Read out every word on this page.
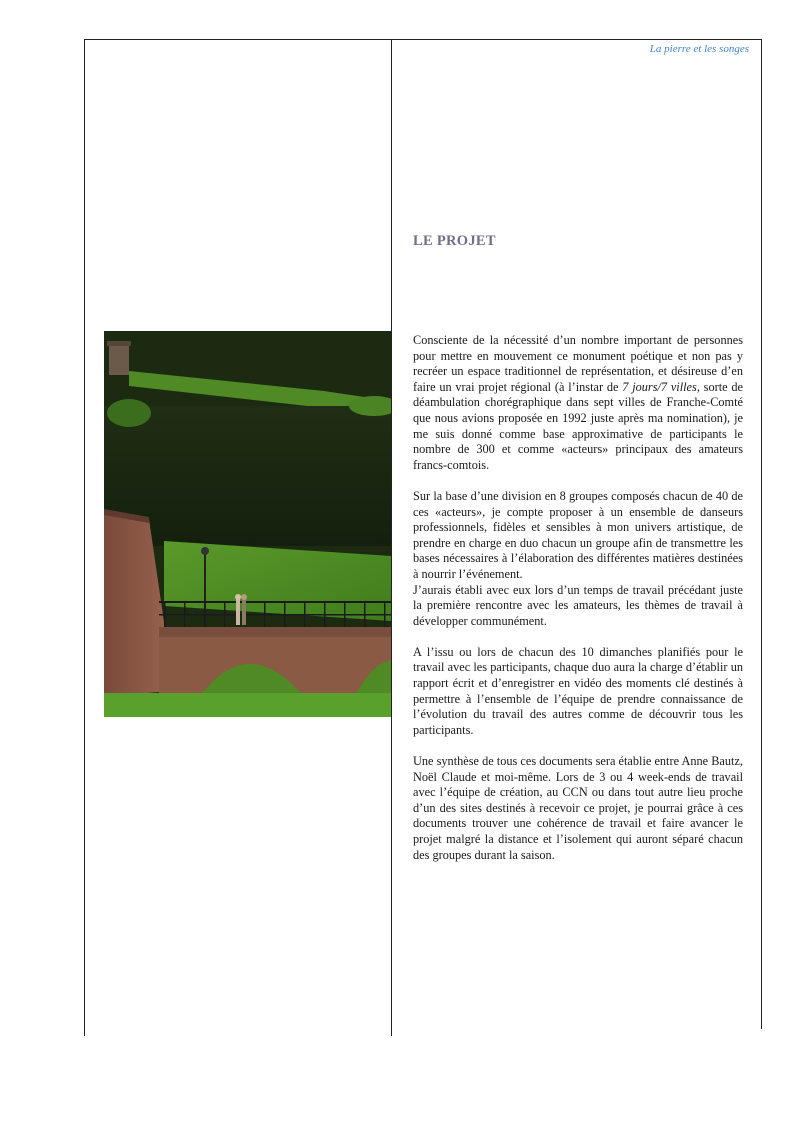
La pierre et les songes
LE PROJET

Consciente de la nécessité d’un nombre important de personnes pour mettre en mouvement ce monument poétique et non pas y recréer un espace traditionnel de représentation, et désireuse d’en faire un vrai projet régional (à l’instar de 7 jours/7 villes, sorte de déambulation chorégraphique dans sept villes de Franche-Comté que nous avions proposée en 1992 juste après ma nomination), je me suis donné comme base approximative de participants le nombre de 300 et comme «acteurs» principaux des amateurs francs-comtois.

Sur la base d’une division en 8 groupes composés chacun de 40 de ces «acteurs», je compte proposer à un ensemble de danseurs professionnels, fidèles et sensibles à mon univers artistique, de prendre en charge en duo chacun un groupe afin de transmettre les bases nécessaires à l’élaboration des différentes matières destinées à nourrir l’événement.

J’aurais établi avec eux lors d’un temps de travail précédant juste la première rencontre avec les amateurs, les thèmes de travail à développer communément.

A l’issu ou lors de chacun des 10 dimanches planifiés pour le travail avec les participants, chaque duo aura la charge d’établir un rapport écrit et d’enregistrer en vidéo des moments clé destinés à permettre à l’ensemble de l’équipe de prendre connaissance de l’évolution du travail des autres comme de découvrir tous les participants.

Une synthèse de tous ces documents sera établie entre Anne Bautz, Noël Claude et moi-même. Lors de 3 ou 4 week-ends de travail avec l’équipe de création, au CCN ou dans tout autre lieu proche d’un des sites destinés à recevoir ce projet, je pourrai grâce à ces documents trouver une cohérence de travail et faire avancer le projet malgré la distance et l’isolement qui auront séparé chacun des groupes durant la saison.
